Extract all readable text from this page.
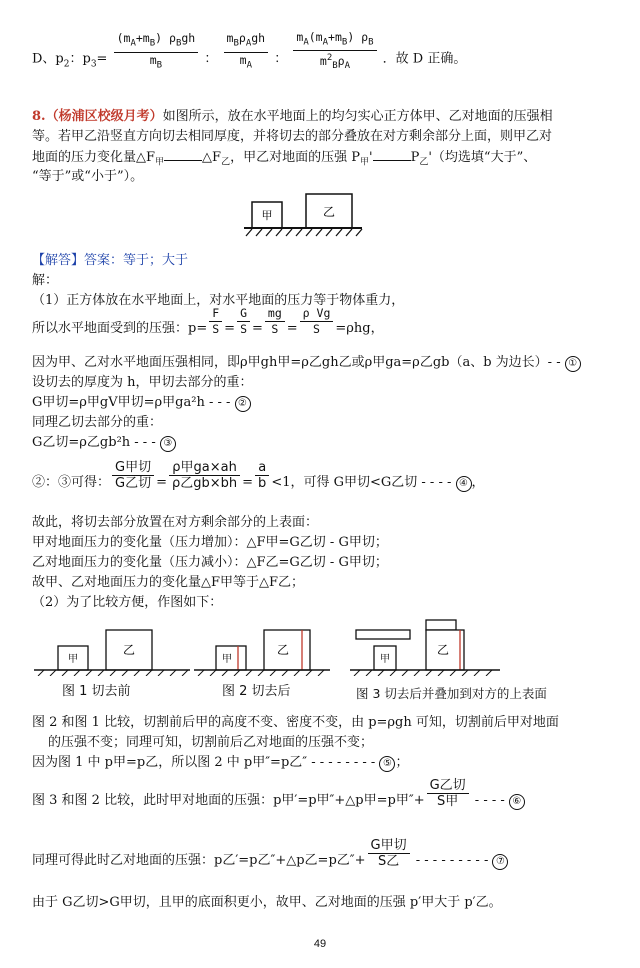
D、$p_2$：$p_3= \frac{(m_A+m_B) \rho_Bgh}{m_B}$ ： $\frac{m_B\rho_Agh}{m_A}$ ： $\frac{m_A(m_A+m_B) \rho_B}{m^2_B\rho_A}$ ．故 D 正确。
8.（杨浦区校级月考）如图所示，放在水平地面上的均匀实心正方体甲、乙对地面的压强相
等。若甲乙沿竖直方向切去相同厚度，并将切去的部分叠放在对方剩余部分上面，则甲乙对
地面的压力变化量$\triangle F_甲$	$\triangle F_乙$，甲乙对地面的压强 $P_甲'$	$P_乙'$（均选填“大于”、
“等于”或“小于”）。
甲	乙
【解答】答案：等于；大于
解：
（1）正方体放在水平地面上，对水平地面的压力等于物体重力，
所以水平地面受到的压强：$p= \frac{F}{S} = \frac{G}{S} = \frac{mg}{S} = \frac{\text{ρ Vg}}{S} =\rho hg$，
因为甲、乙对水平地面压强相同，即ρ甲gh甲=ρ乙gh乙或ρ甲ga=ρ乙gb（a、b 为边长）- - ①
设切去的厚度为 h，甲切去部分的重：
G甲切=ρ甲gV甲切=ρ甲ga²h - - - ②
同理乙切去部分的重：
G乙切=ρ乙gb²h - - - ③
②：③可得： $\frac{\text{G甲切}}{\text{G乙切}} = \frac{\text{ρ甲ga×ah}}{\text{ρ乙gb×bh}} = \frac{a}{b} <1$，可得 G甲切<G乙切 - - - - ④ ，
故此，将切去部分放置在对方剩余部分的上表面：
甲对地面压力的变化量（压力增加）：△F甲=G乙切 - G甲切；
乙对地面压力的变化量（压力减小）：△F乙=G乙切 - G甲切；
故甲、乙对地面压力的变化量△F甲等于△F乙；
（2）为了比较方便，作图如下：
甲
乙
甲
乙
甲
乙
图 1 切去前	图 2 切去后	图 3 切去后并叠加到对方的上表面
图 2 和图 1 比较，切割前后甲的高度不变、密度不变，由 p=ρgh 可知，切割前后甲对地面
的压强不变；同理可知，切割前后乙对地面的压强不变；
因为图 1 中 p甲=p乙，所以图 2 中 p甲″=p乙″ - - - - - - - - ⑤ ；
图 3 和图 2 比较，此时甲对地面的压强：p甲′=p甲″+△p甲=p甲″+ $\frac{\text{G乙切}}{\text{S甲}}$ - - - - ⑥
同理可得此时乙对地面的压强：p乙′=p乙″+△p乙=p乙″+ $\frac{\text{G甲切}}{\text{S乙}}$ - - - - - - - - - ⑦
由于 G乙切>G甲切，且甲的底面积更小，故甲、乙对地面的压强 p′甲大于 p′乙。
49
